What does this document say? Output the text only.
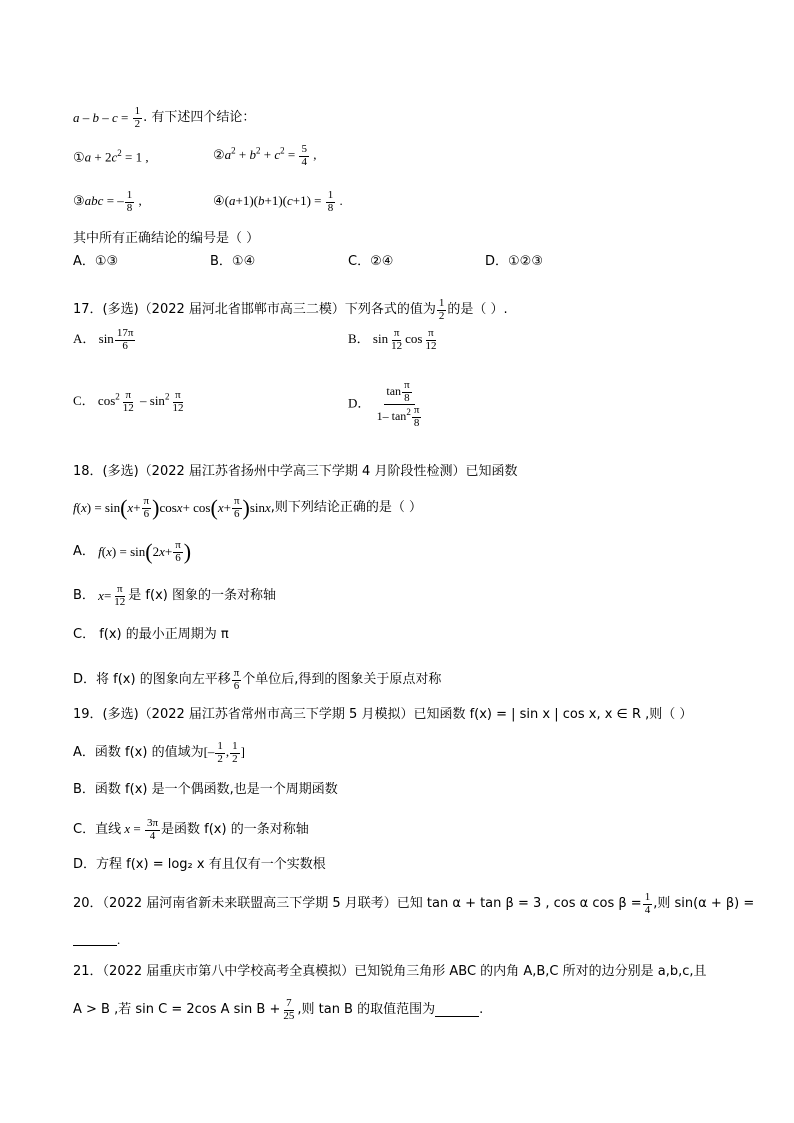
$a - b - c = \frac{1}{2}$ . 有下述四个结论：
①a + $2c^2 = 1$ ,	$②a^2 + b^2 + c^2 = \frac{5}{4}$ ,
③abc = – $\frac{1}{8}$ ,	④(a+1)(b+1)(c+1) = $\frac{1}{8}$ .
其中所有正确结论的编号是（ ）
A．①③	B．①④	C．②④	D．①②③
17．(多选)（2022 届河北省邯郸市高三二模）下列各式的值为 $\frac{1}{2}$ 的是（ ）.
A． $\sin \frac{17\pi}{6}$	B． $\sin \frac{\pi}{12}$ $\cos \frac{\pi}{12}$
C． $\cos^2 \frac{\pi}{12} - \sin^2 \frac{\pi}{12}$	D． $\frac{\tan \frac{\pi}{8}}{1- \tan^2 \frac{\pi}{8}}$
18．(多选)（2022 届江苏省扬州中学高三下学期 4 月阶段性检测）已知函数
f ( x ) = sin ( $x + \frac{\pi}{6}$ ) cos x + cos ( $x + \frac{\pi}{6}$ ) sin x ,则下列结论正确的是（ ）
A．
f ( x ) = sin ( 2 $x + \frac{\pi}{6}$ )
B．
$x = \frac{\pi}{12}$ 是 f(x) 图象的一条对称轴
C． f(x) 的最小正周期为 π
D．将 f(x) 的图象向左平移 $\frac{\pi}{6}$ 个单位后,得到的图象关于原点对称
19．(多选)（2022 届江苏省常州市高三下学期 5 月模拟）已知函数 f(x) = | sin x | cos x, x ∈ R ,则（ ）
A．函数 f(x) 的值域为 [– $\frac{1}{2}$ , $\frac{1}{2}$ ]
B．函数 f(x) 是一个偶函数,也是一个周期函数
C．直线 $x = \frac{3\pi}{4}$ 是函数 f(x) 的一条对称轴
D．方程 f(x) = log₂ x 有且仅有一个实数根
20．（2022 届河南省新未来联盟高三下学期 5 月联考）已知 tan α + tan β = 3 , cos α $\cos \beta = \frac{1}{4}$ ,则 sin(α + β) =
.
21．（2022 届重庆市第八中学校高考全真模拟）已知锐角三角形 ABC 的内角 A,B,C 所对的边分别是 a,b,c,且
A > B ,若 sin C = 2cos A $\sin B + \frac{7}{25}$ ,则 tan B 的取值范围为	.
